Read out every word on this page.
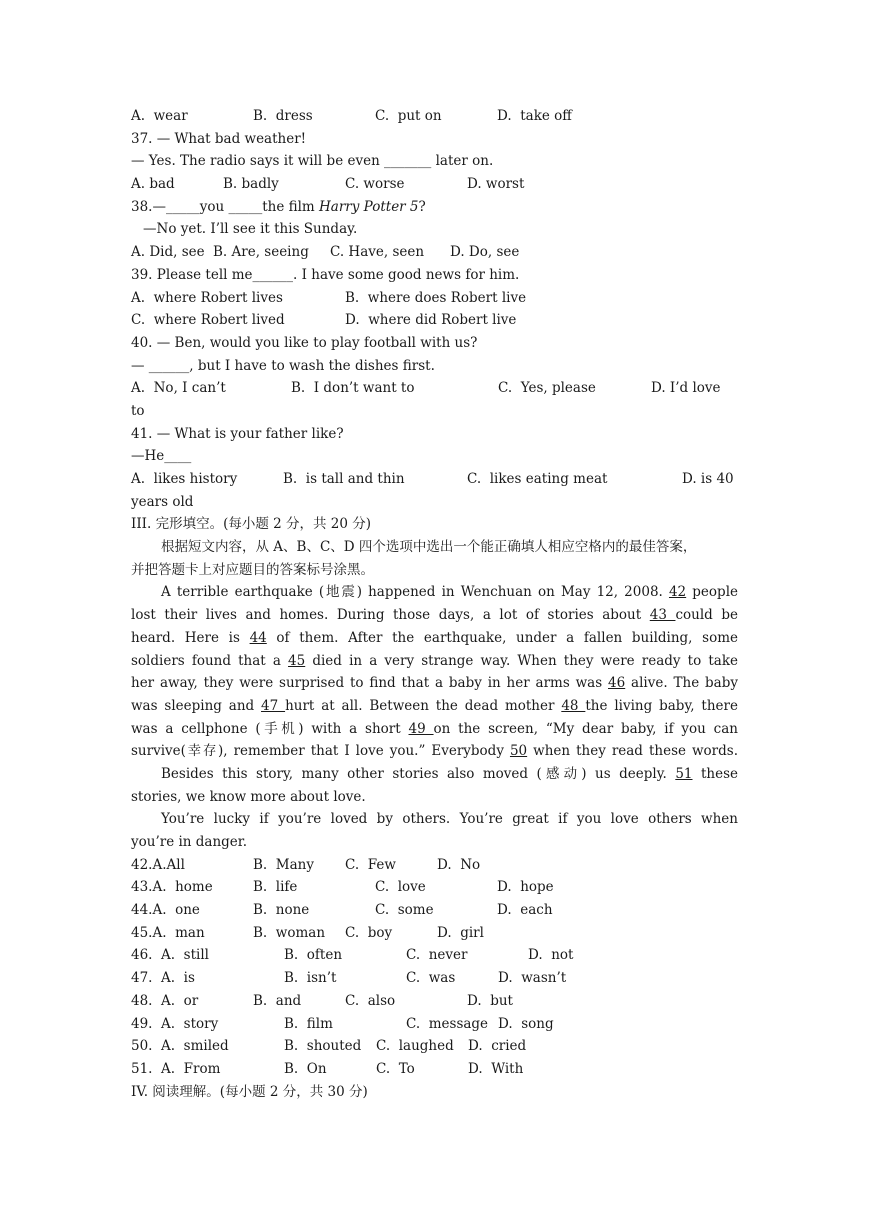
A.  wear	B.  dress	C.  put on	D.  take off
37. — What bad weather!
— Yes. The radio says it will be even _______ later on.
A. bad	B. badly	C. worse	D. worst
38.—_____you _____the film Harry Potter 5?
—No yet. I’ll see it this Sunday.
A. Did, see B. Are, seeing	C. Have, seen	D. Do, see
39. Please tell me______. I have some good news for him.
A.  where Robert lives	B.  where does Robert live
C.  where Robert lived	D.  where did Robert live
40. — Ben, would you like to play football with us?
— ______, but I have to wash the dishes first.
A.  No, I can’t	B.  I don’t want to	C.  Yes, please	D. I’d love
to
41. — What is your father like?
—He____
A.  likes history	B.  is tall and thin	C.  likes eating meat	D. is 40
years old
III. 完形填空。(每小题 2 分，共 20 分)
根据短文内容，从 A、B、C、D 四个选项中选出一个能正确填人相应空格内的最佳答案，
并把答题卡上对应题目的答案标号涂黑。
A terrible earthquake (地震) happened in Wenchuan on May 12, 2008. 42 people
lost their lives and homes. During those days, a lot of stories about 43 could be
heard. Here is 44 of them. After the earthquake, under a fallen building, some
soldiers found that a 45 died in a very strange way. When they were ready to take
her away, they were surprised to find that a baby in her arms was 46 alive. The baby
was sleeping and 47 hurt at all. Between the dead mother 48 the living baby, there
was a cellphone (手机) with a short 49 on the screen, “My dear baby, if you can
survive(幸存), remember that I love you.” Everybody 50 when they read these words.
Besides this story, many other stories also moved (感动) us deeply. 51 these
stories, we know more about love.
You’re lucky if you’re loved by others. You’re great if you love others when
you’re in danger.
42.A.All	B.  Many	C.  Few	D.  No
43.A.  home	B.  life	C.  love	D.  hope
44.A.  one	B.  none	C.  some	D.  each
45.A.  man	B.  woman	C.  boy	D.  girl
46.  A.  still	B.  often	C.  never	D.  not
47.  A.  is	B.  isn’t	C.  was	D.  wasn’t
48.  A.  or	B.  and	C.  also	D.  but
49.  A.  story	B.  film	C.  message D.  song
50.  A.  smiled	B.  shouted	C.  laughed	D.  cried
51.  A.  From	B.  On	C.  To	D.  With
IV. 阅读理解。(每小题 2 分，共 30 分)
